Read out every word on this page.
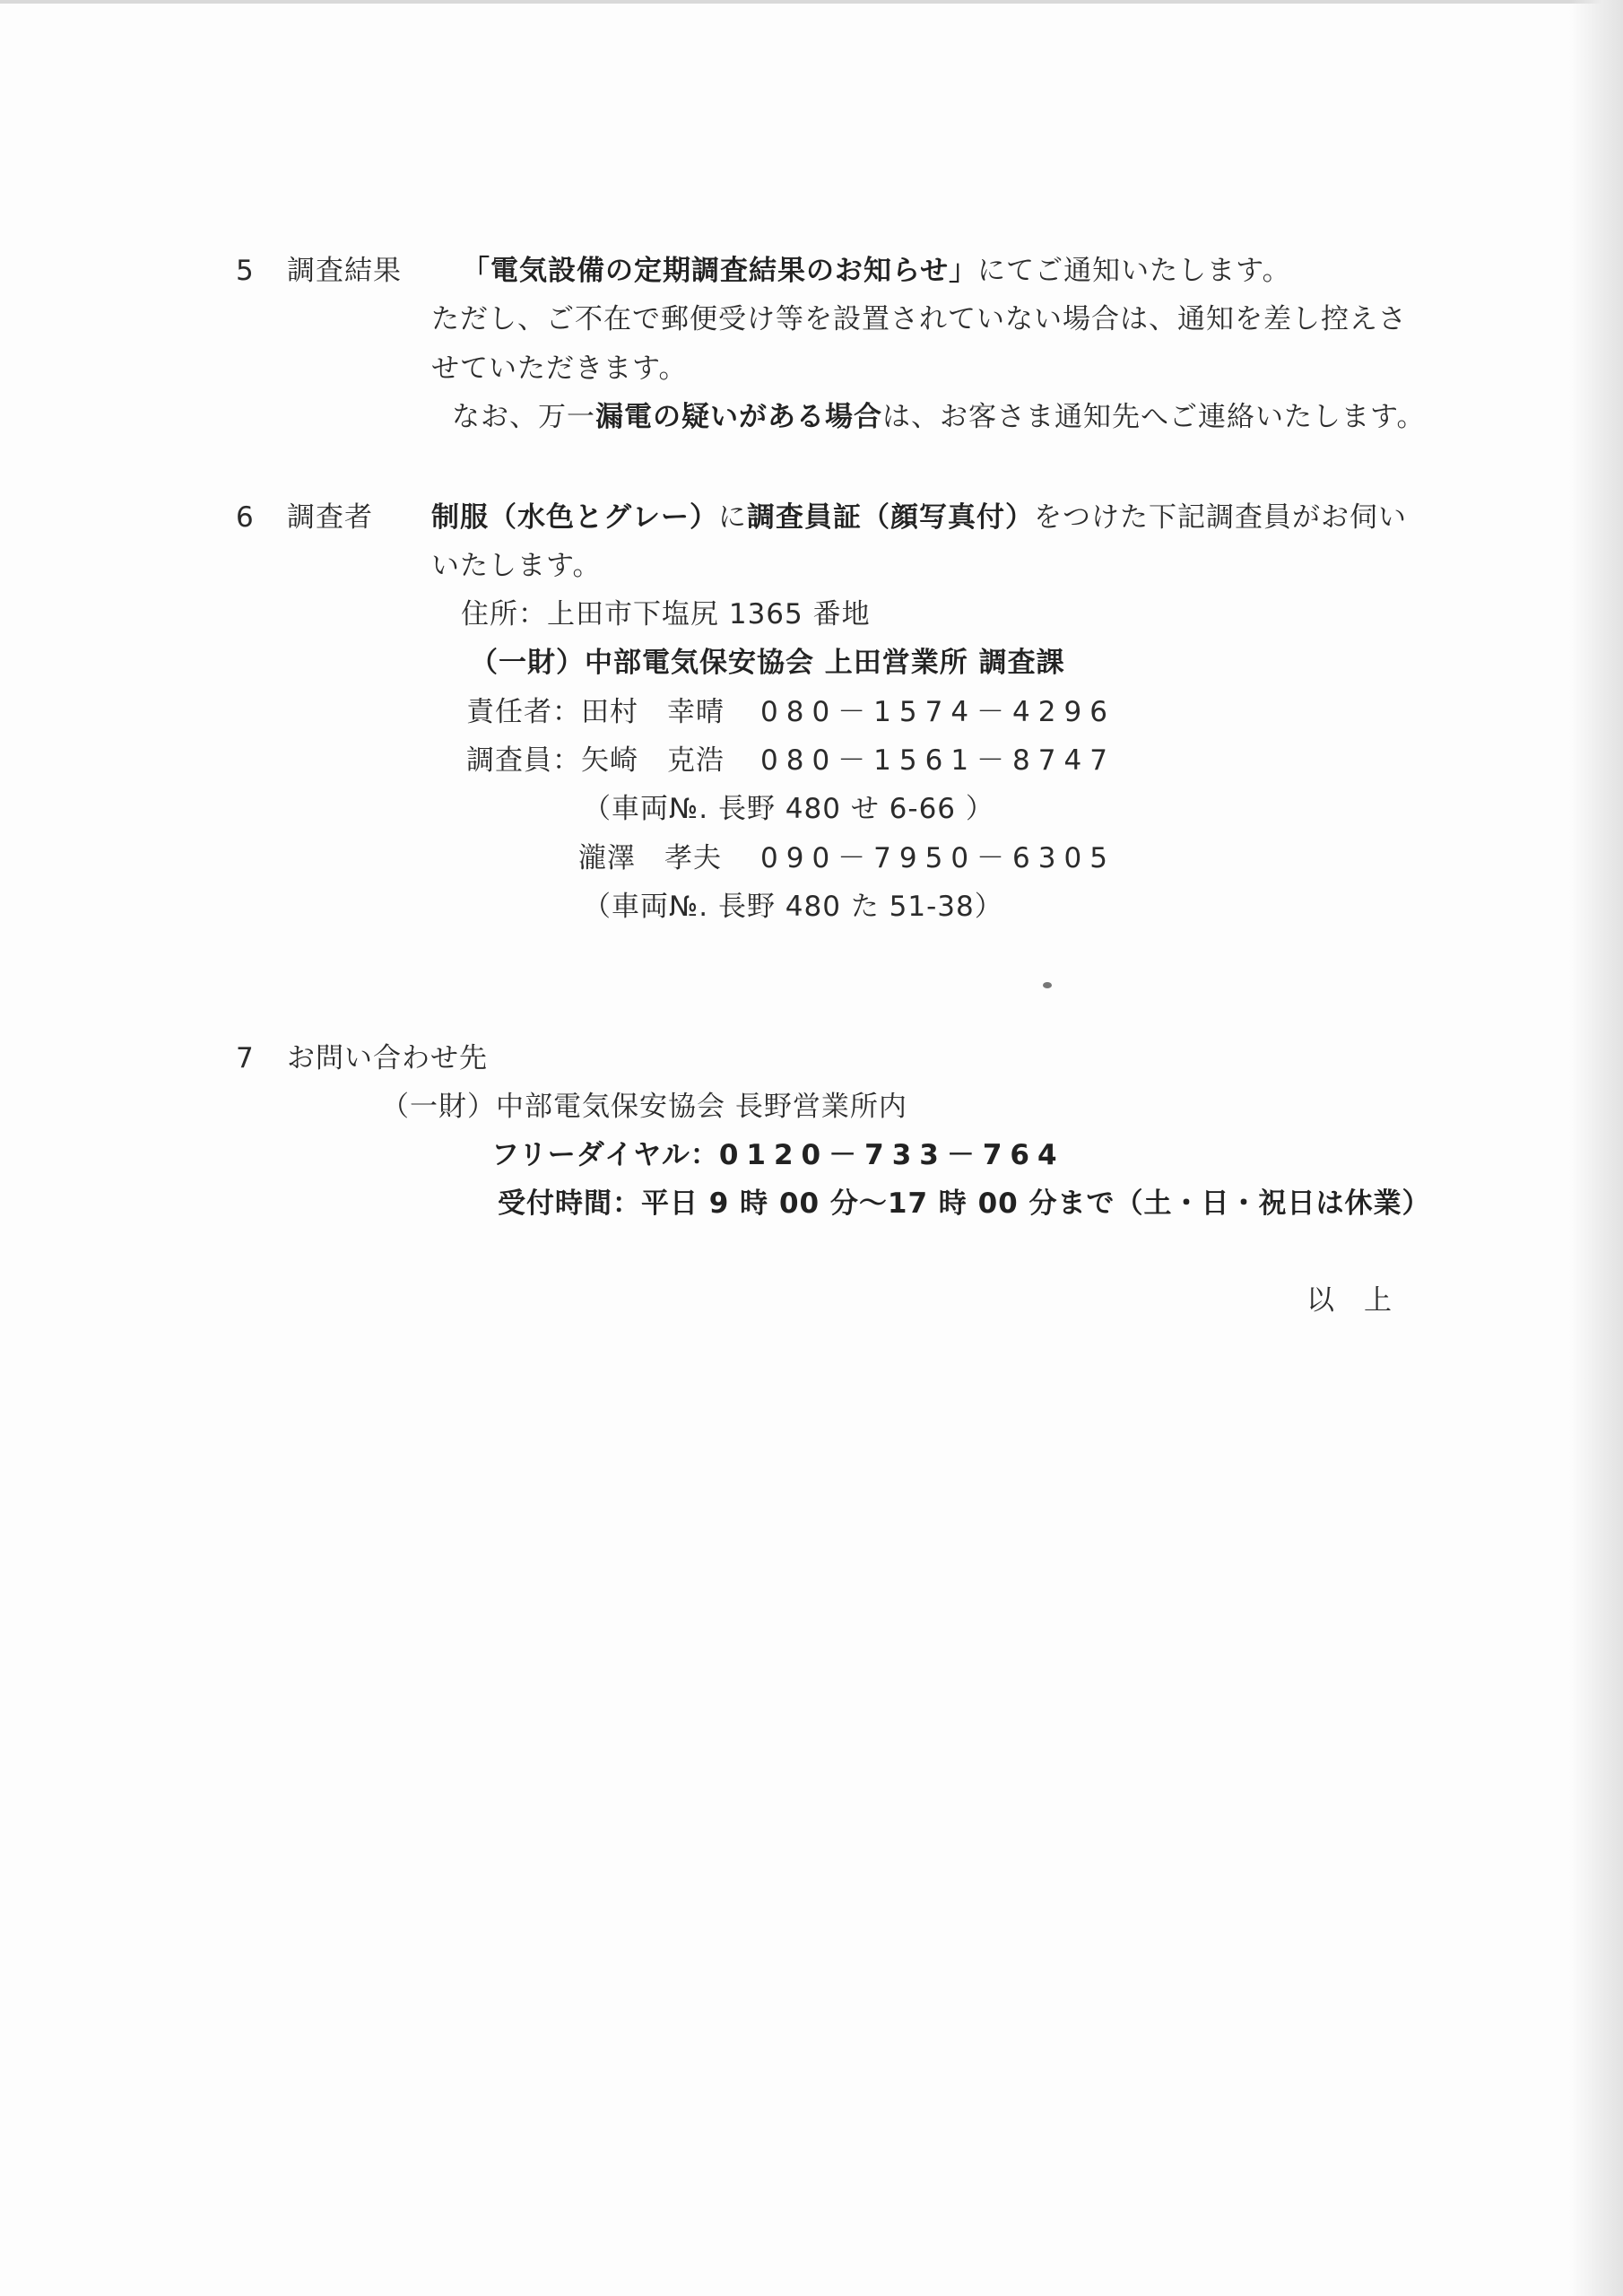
5 調査結果 「電気設備の定期調査結果のお知らせ」にてご通知いたします。
ただし、ご不在で郵便受け等を設置されていない場合は、通知を差し控えさ
せていただきます。
なお、万一漏電の疑いがある場合は、お客さま通知先へご連絡いたします。
6 調査者 制服（水色とグレー）に調査員証（顔写真付）をつけた下記調査員がお伺い
いたします。
住所：上田市下塩尻 1365 番地
（一財）中部電気保安協会 上田営業所 調査課
責任者：田村　幸晴 080－1574－4296
調査員：矢崎　克浩 080－1561－8747
（車両№. 長野 480 せ 6-66 ）
瀧澤　孝夫 090－7950－6305
（車両№. 長野 480 た 51-38）
7 お問い合わせ先
（一財）中部電気保安協会 長野営業所内
フリーダイヤル：0120－733－764
受付時間：平日 9 時 00 分～17 時 00 分まで（土・日・祝日は休業）
以　上
